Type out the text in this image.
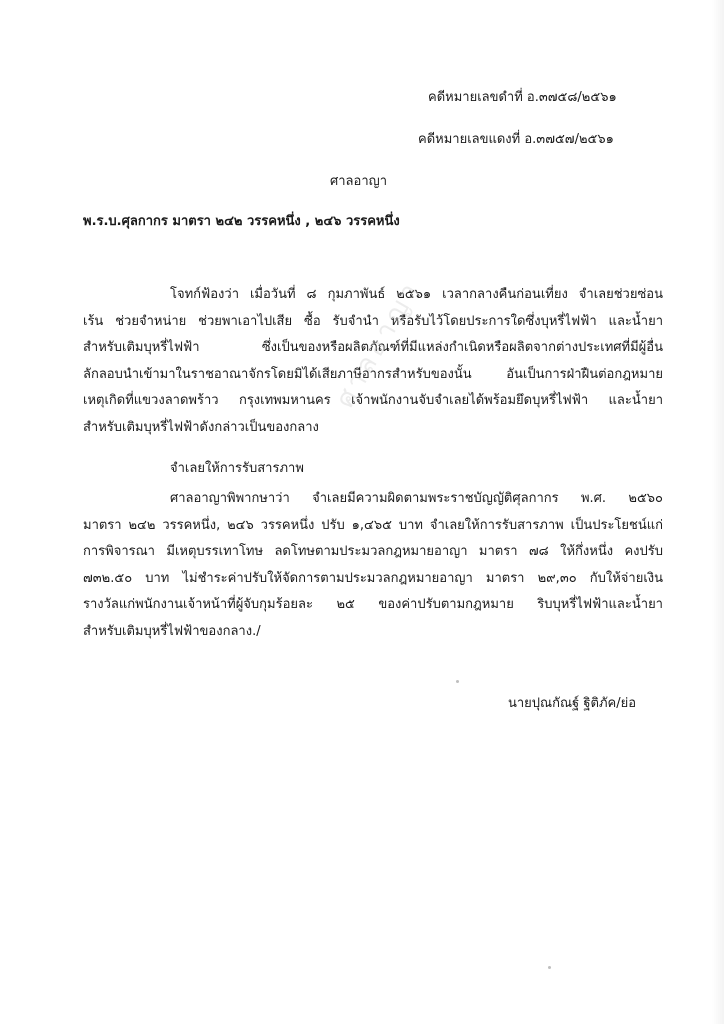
คดีหมายเลขดำที่ อ.๓๗๕๘/๒๕๖๑
คดีหมายเลขแดงที่ อ.๓๗๕๗/๒๕๖๑
ศาลอาญา
พ.ร.บ.ศุลกากร มาตรา ๒๔๒ วรรคหนึ่ง , ๒๔๖ วรรคหนึ่ง
โจทก์ฟ้องว่า เมื่อวันที่ ๘ กุมภาพันธ์ ๒๕๖๑ เวลากลางคืนก่อนเที่ยง จำเลยช่วยซ่อน
เร้น ช่วยจำหน่าย ช่วยพาเอาไปเสีย ซื้อ รับจำนำ หรือรับไว้โดยประการใดซึ่งบุหรี่ไฟฟ้า และน้ำยา
สำหรับเติมบุหรี่ไฟฟ้า ซึ่งเป็นของหรือผลิตภัณฑ์ที่มีแหล่งกำเนิดหรือผลิตจากต่างประเทศที่มีผู้อื่น
ลักลอบนำเข้ามาในราชอาณาจักรโดยมิได้เสียภาษีอากรสำหรับของนั้น อันเป็นการฝ่าฝืนต่อกฎหมาย
เหตุเกิดที่แขวงลาดพร้าว กรุงเทพมหานคร เจ้าพนักงานจับจำเลยได้พร้อมยึดบุหรี่ไฟฟ้า และน้ำยา
สำหรับเติมบุหรี่ไฟฟ้าดังกล่าวเป็นของกลาง
จำเลยให้การรับสารภาพ
ศาลอาญาพิพากษาว่า จำเลยมีความผิดตามพระราชบัญญัติศุลกากร พ.ศ. ๒๕๖๐
มาตรา ๒๔๒ วรรคหนึ่ง, ๒๔๖ วรรคหนึ่ง ปรับ ๑,๔๖๕ บาท จำเลยให้การรับสารภาพ เป็นประโยชน์แก่
การพิจารณา มีเหตุบรรเทาโทษ ลดโทษตามประมวลกฎหมายอาญา มาตรา ๗๘ ให้กึ่งหนึ่ง คงปรับ
๗๓๒.๕๐ บาท ไม่ชำระค่าปรับให้จัดการตามประมวลกฎหมายอาญา มาตรา ๒๙,๓๐ กับให้จ่ายเงิน
รางวัลแก่พนักงานเจ้าหน้าที่ผู้จับกุมร้อยละ ๒๕ ของค่าปรับตามกฎหมาย ริบบุหรี่ไฟฟ้าและน้ำยา
สำหรับเติมบุหรี่ไฟฟ้าของกลาง./
นายปุณกัณฐ์ ฐิติภัค/ย่อ
ศาลอาญา
